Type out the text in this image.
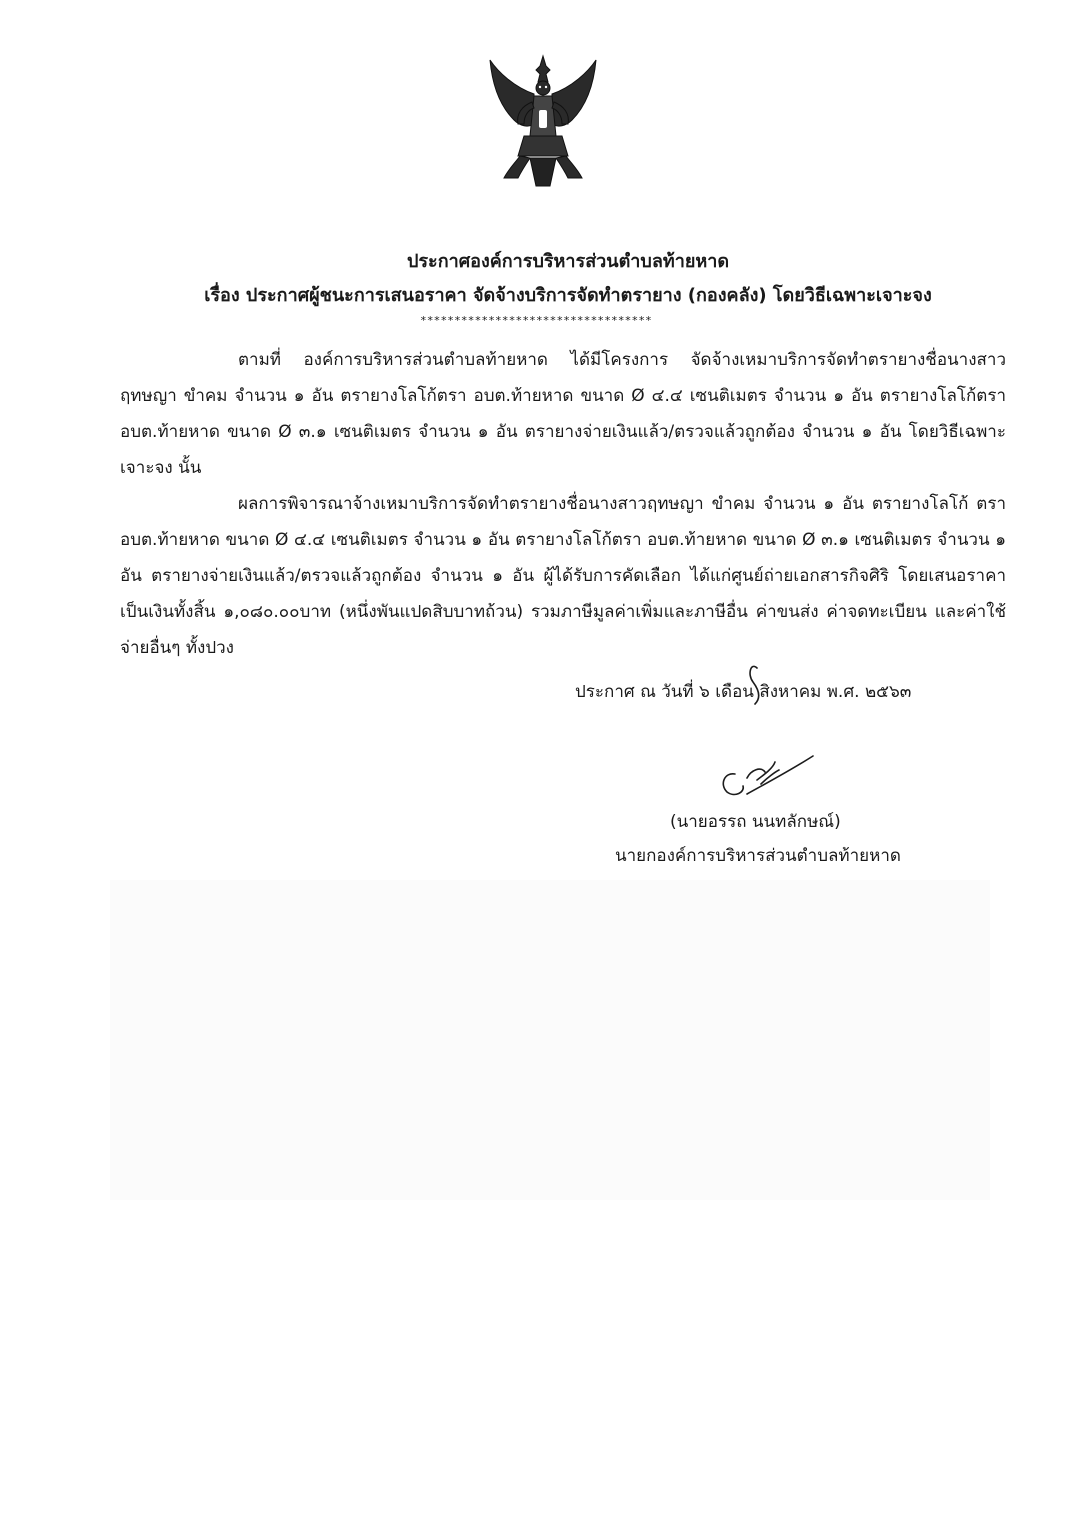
ประกาศองค์การบริหารส่วนตำบลท้ายหาด
เรื่อง ประกาศผู้ชนะการเสนอราคา จัดจ้างบริการจัดทำตรายาง (กองคลัง) โดยวิธีเฉพาะเจาะจง
**********************************

ตามที่ องค์การบริหารส่วนตำบลท้ายหาด ได้มีโครงการ จัดจ้างเหมาบริการจัดทำตรายางชื่อนางสาว ฤทษญา ขำคม จำนวน ๑ อัน ตรายางโลโก้ตรา อบต.ท้ายหาด ขนาด Ø ๔.๔ เซนติเมตร จำนวน ๑ อัน ตรายางโลโก้ตรา อบต.ท้ายหาด ขนาด Ø ๓.๑ เซนติเมตร จำนวน ๑ อัน ตรายางจ่ายเงินแล้ว/ตรวจแล้วถูกต้อง จำนวน ๑ อัน โดยวิธีเฉพาะเจาะจง นั้น

ผลการพิจารณาจ้างเหมาบริการจัดทำตรายางชื่อนางสาวฤทษญา ขำคม จำนวน ๑ อัน ตรายางโลโก้ ตรา อบต.ท้ายหาด ขนาด Ø ๔.๔ เซนติเมตร จำนวน ๑ อัน ตรายางโลโก้ตรา อบต.ท้ายหาด ขนาด Ø ๓.๑ เซนติเมตร จำนวน ๑ อัน ตรายางจ่ายเงินแล้ว/ตรวจแล้วถูกต้อง จำนวน ๑ อัน ผู้ได้รับการคัดเลือก ได้แก่ศูนย์ถ่ายเอกสารกิจศิริ โดยเสนอราคา เป็นเงินทั้งสิ้น ๑,๐๘๐.๐๐บาท (หนึ่งพันแปดสิบบาทถ้วน) รวมภาษีมูลค่าเพิ่มและภาษีอื่น ค่าขนส่ง ค่าจดทะเบียน และค่าใช้จ่ายอื่นๆ ทั้งปวง

ประกาศ ณ วันที่ ๖ เดือน สิงหาคม พ.ศ. ๒๕๖๓
(นายอรรถ นนทลักษณ์)
นายกองค์การบริหารส่วนตำบลท้ายหาด
